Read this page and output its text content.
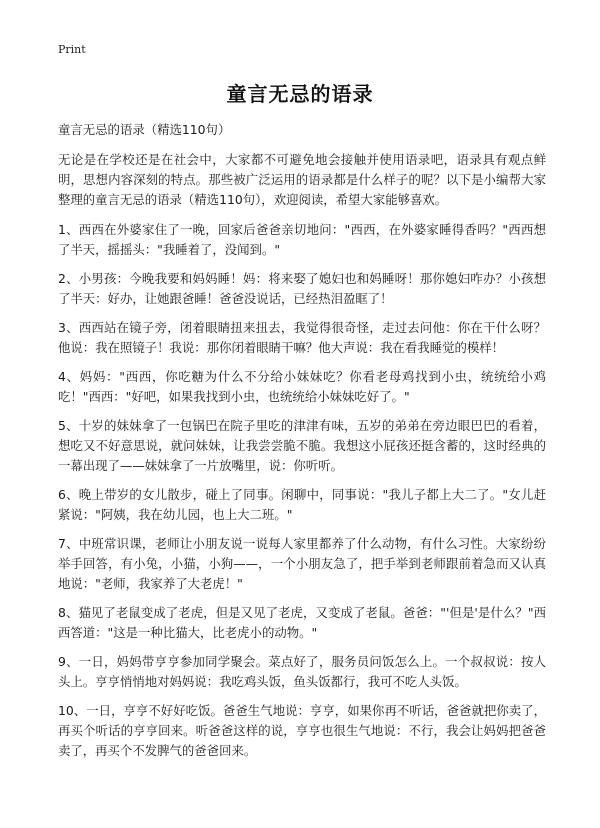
Print
童言无忌的语录

童言无忌的语录（精选110句）

无论是在学校还是在社会中，大家都不可避免地会接触并使用语录吧，语录具有观点鲜明，思想内容深刻的特点。那些被广泛运用的语录都是什么样子的呢？以下是小编帮大家整理的童言无忌的语录（精选110句），欢迎阅读，希望大家能够喜欢。

1、西西在外婆家住了一晚，回家后爸爸亲切地问："西西，在外婆家睡得香吗？"西西想了半天，摇摇头："我睡着了，没闻到。"

2、小男孩：今晚我要和妈妈睡！妈：将来娶了媳妇也和妈睡呀！那你媳妇咋办？小孩想了半天：好办，让她跟爸睡！爸爸没说话，已经热泪盈眶了！

3、西西站在镜子旁，闭着眼睛扭来扭去，我觉得很奇怪，走过去问他：你在干什么呀？他说：我在照镜子！我说：那你闭着眼睛干嘛？他大声说：我在看我睡觉的模样！

4、妈妈："西西，你吃糖为什么不分给小妹妹吃？你看老母鸡找到小虫，统统给小鸡吃！"西西："好吧，如果我找到小虫，也统统给小妹妹吃好了。"

5、十岁的妹妹拿了一包锅巴在院子里吃的津津有味，五岁的弟弟在旁边眼巴巴的看着，想吃又不好意思说，就问妹妹，让我尝尝脆不脆。我想这小屁孩还挺含蓄的，这时经典的一幕出现了——妹妹拿了一片放嘴里，说：你听听。

6、晚上带岁的女儿散步，碰上了同事。闲聊中，同事说："我儿子都上大二了。"女儿赶紧说："阿姨，我在幼儿园，也上大二班。"

7、中班常识课，老师让小朋友说一说每人家里都养了什么动物，有什么习性。大家纷纷举手回答，有小兔，小猫，小狗——，一个小朋友急了，把手举到老师跟前着急而又认真地说："老师，我家养了大老虎！"

8、猫见了老鼠变成了老虎，但是又见了老虎，又变成了老鼠。爸爸："'但是'是什么？"西西答道："这是一种比猫大，比老虎小的动物。"

9、一日，妈妈带亨亨参加同学聚会。菜点好了，服务员问饭怎么上。一个叔叔说：按人头上。亨亨悄悄地对妈妈说：我吃鸡头饭，鱼头饭都行，我可不吃人头饭。

10、一日，亨亨不好好吃饭。爸爸生气地说：亨亨，如果你再不听话，爸爸就把你卖了，再买个听话的亨亨回来。听爸爸这样的说，亨亨也很生气地说：不行，我会让妈妈把爸爸卖了，再买个不发脾气的爸爸回来。
